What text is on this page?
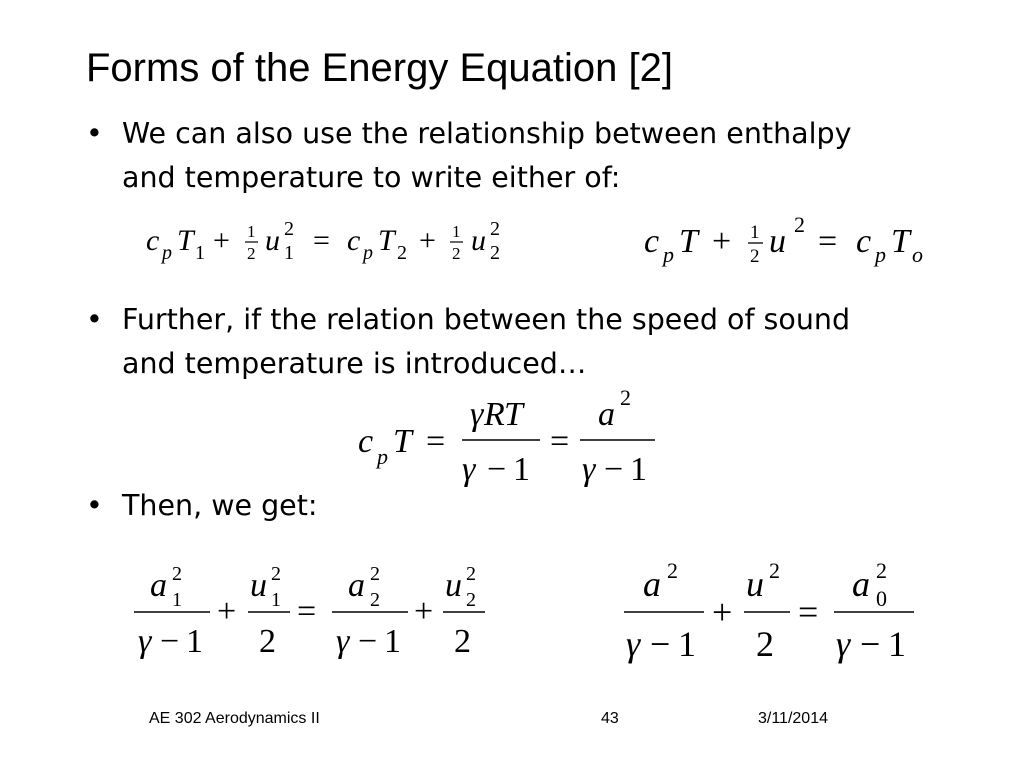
Forms of the Energy Equation [2]
• We can also use the relationship between enthalpy
and temperature to write either of:
c p T 1 + 1
2 u 2
1 = c p T 2 + 1
2 u 2
2	c p T + 1
2 u 2 = c p T o
c p T =
γ R T
γ − 1
=
a 2
γ − 1
a 2
1
γ − 1
+
u 2
1
2
=
a 2
2
γ − 1
+
u 2
2
2
a 2
γ − 1
+
u 2
2
=
a 2
0
γ − 1
• Further, if the relation between the speed of sound
and temperature is introduced…
• Then, we get:
AE 302 Aerodynamics II	43	3/11/2014
